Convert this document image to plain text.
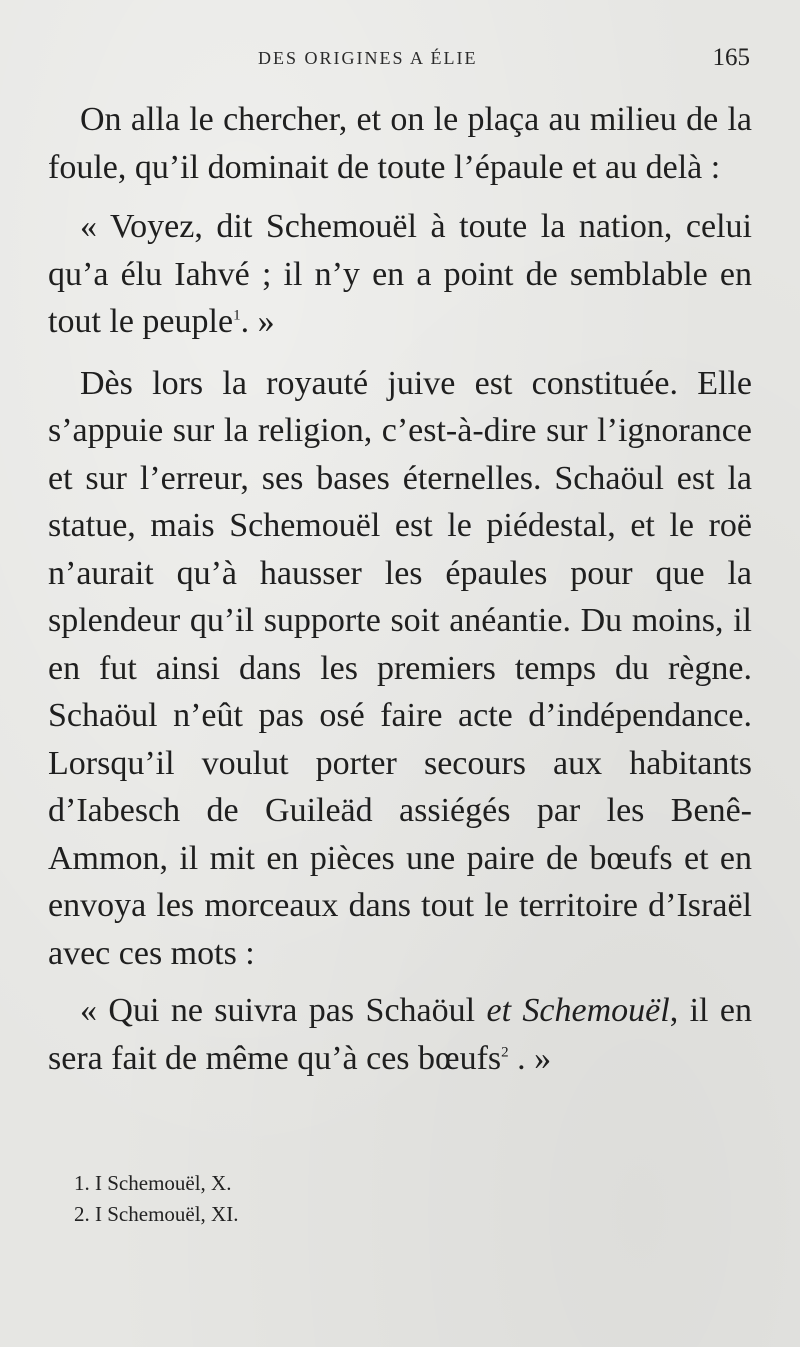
DES ORIGINES A ÉLIE	165

On alla le chercher, et on le plaça au milieu de la foule, qu’il dominait de toute l’épaule et au delà :

« Voyez, dit Schemouël à toute la nation, celui qu’a élu Iahvé ; il n’y en a point de semblable en tout le peuple$^1$. »

Dès lors la royauté juive est constituée. Elle s’appuie sur la religion, c’est-à-dire sur l’ignorance et sur l’erreur, ses bases éternelles. Schaöul est la statue, mais Schemouël est le piédestal, et le roë n’aurait qu’à hausser les épaules pour que la splendeur qu’il supporte soit anéantie. Du moins, il en fut ainsi dans les premiers temps du règne. Schaöul n’eût pas osé faire acte d’indépendance. Lorsqu’il voulut porter secours aux habitants d’Iabesch de Guileäd assiégés par les Benê-Ammon, il mit en pièces une paire de bœufs et en envoya les morceaux dans tout le territoire d’Israël avec ces mots :

« Qui ne suivra pas Schaöul et Schemouël, il en sera fait de même qu’à ces bœufs$^2$ . »

1. I Schemouël, X.
2. I Schemouël, XI.
